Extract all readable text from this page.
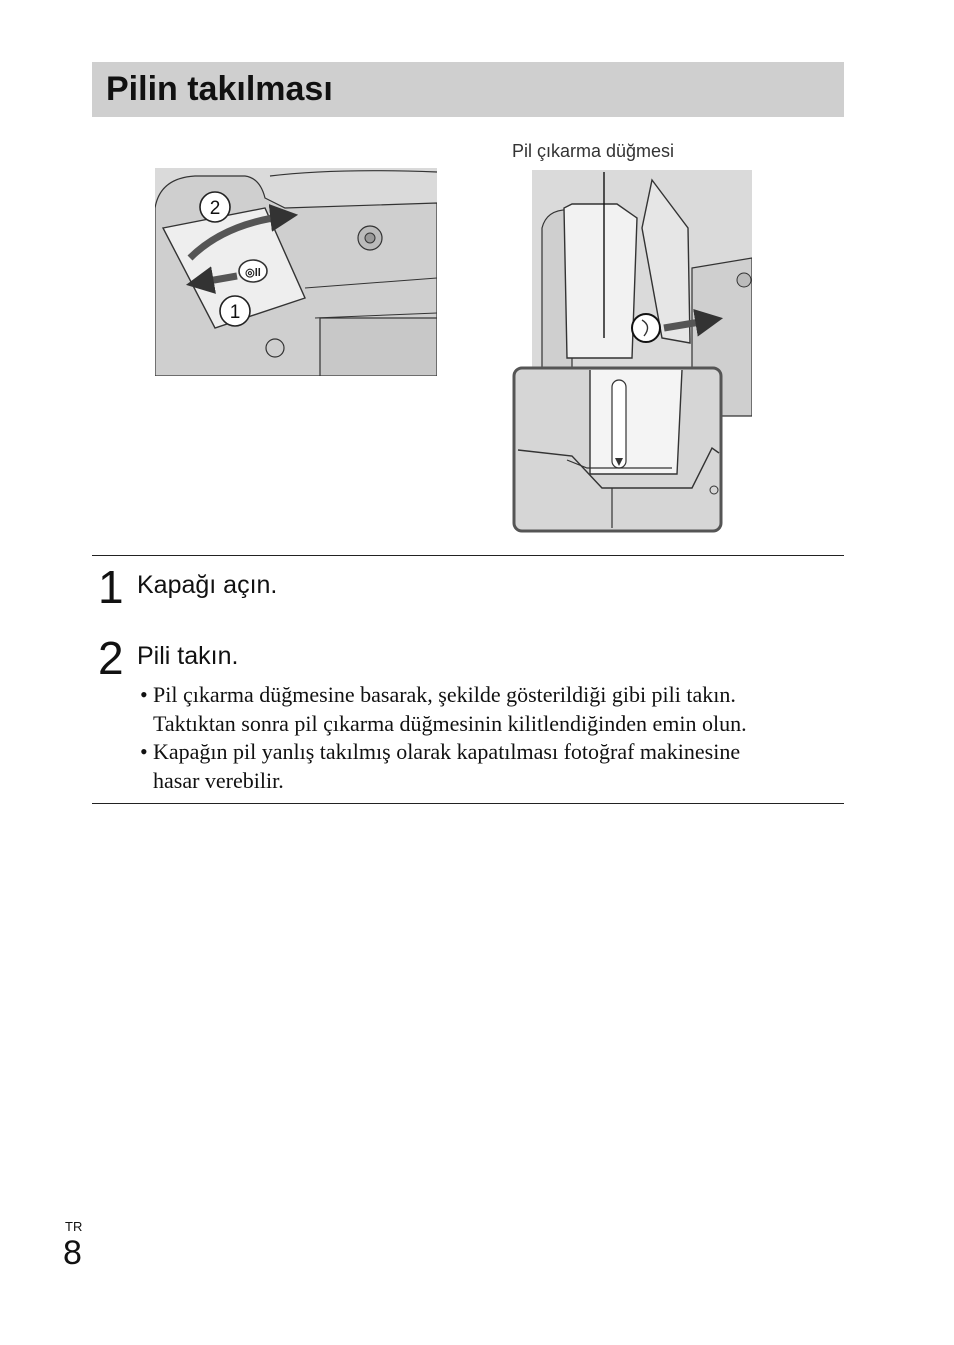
Pilin takılması
Pil çıkarma düğmesi
◎ll
2
1
1 Kapağı açın.
2 Pili takın.
• Pil çıkarma düğmesine basarak, şekilde gösterildiği gibi pili takın.
Taktıktan sonra pil çıkarma düğmesinin kilitlendiğinden emin olun.
• Kapağın pil yanlış takılmış olarak kapatılması fotoğraf makinesine
hasar verebilir.
TR
8
